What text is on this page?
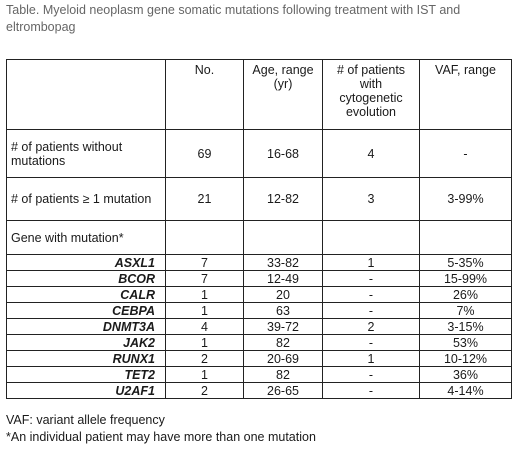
Table. Myeloid neoplasm gene somatic mutations following treatment with IST and eltrombopag
	No.	Age, range (yr)	# of patients with cytogenetic evolution	VAF, range
# of patients without mutations	69	16-68	4	-
# of patients ≥ 1 mutation	21	12-82	3	3-99%
Gene with mutation*				
ASXL1	7	33-82	1	5-35%
BCOR	7	12-49	-	15-99%
CALR	1	20	-	26%
CEBPA	1	63	-	7%
DNMT3A	4	39-72	2	3-15%
JAK2	1	82	-	53%
RUNX1	2	20-69	1	10-12%
TET2	1	82	-	36%
U2AF1	2	26-65	-	4-14%
VAF: variant allele frequency
*An individual patient may have more than one mutation
